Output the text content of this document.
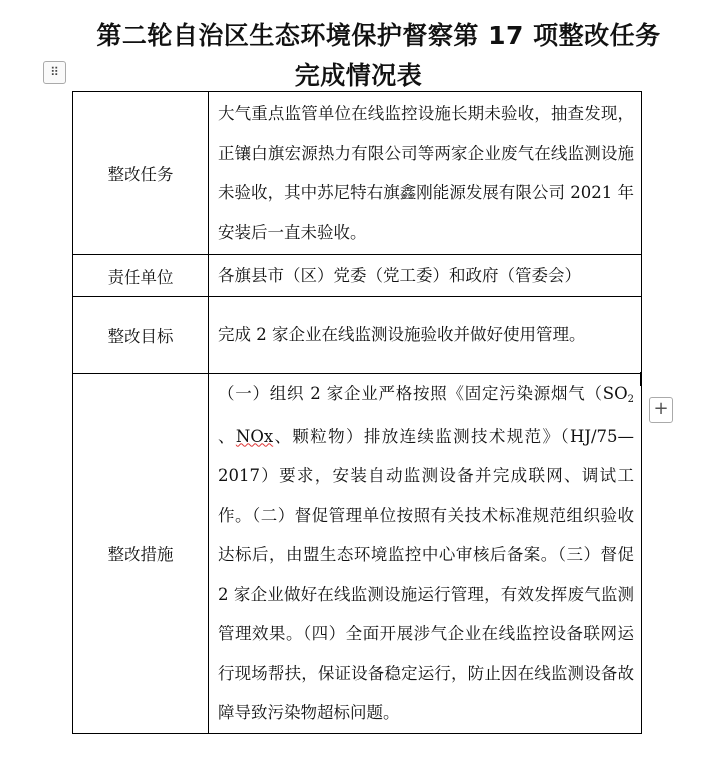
第二轮自治区生态环境保护督察第 17 项整改任务
完成情况表
⠿
整改任务	大气重点监管单位在线监控设施长期未验收，抽查发现，正镶白旗宏源热力有限公司等两家企业废气在线监测设施未验收，其中苏尼特右旗鑫刚能源发展有限公司 2021 年安装后一直未验收。
责任单位	各旗县市（区）党委（党工委）和政府（管委会）
整改目标	完成 2 家企业在线监测设施验收并做好使用管理。
整改措施	（一）组织 2 家企业严格按照《固定污染源烟气（SO2 、NOx、颗粒物）排放连续监测技术规范》（HJ/75—2017）要求，安装自动监测设备并完成联网、调试工作。（二）督促管理单位按照有关技术标准规范组织验收达标后，由盟生态环境监控中心审核后备案。（三）督促 2 家企业做好在线监测设施运行管理，有效发挥废气监测管理效果。（四）全面开展涉气企业在线监控设备联网运行现场帮扶，保证设备稳定运行，防止因在线监测设备故障导致污染物超标问题。
+
